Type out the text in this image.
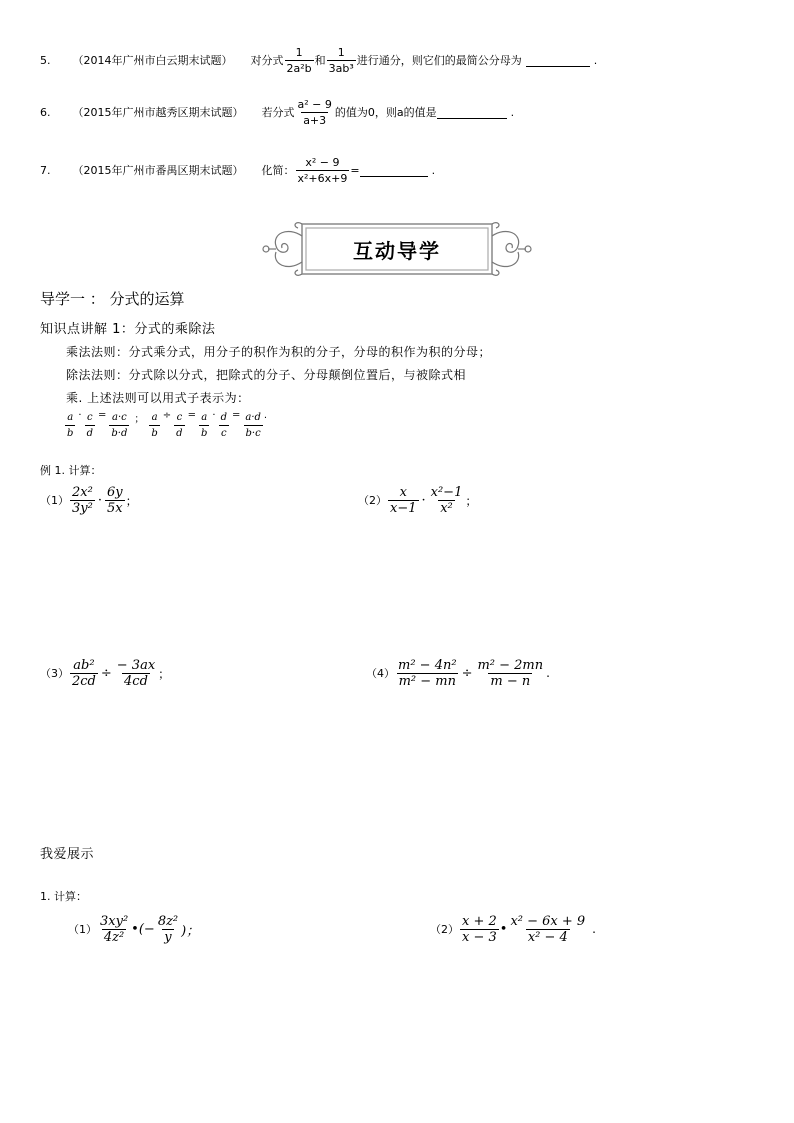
5. （2014年广州市白云期末试题） 对分式 $\frac{1}{\text{2a²b}}$ 和 $\frac{1}{\text{3ab³}}$ 进行通分，则它们的最简公分母为	.
6. （2015年广州市越秀区期末试题） 若分式 $\frac{\text{a² − 9}}{a+3}$ 的值为0，则a的值是	.
7. （2015年广州市番禺区期末试题） 化简： $\frac{\text{x² − 9}}{\text{x²+6x+9}}$ =	.
互动导学
导学一 ： 分式的运算
知识点讲解 1：分式的乘除法
乘法法则：分式乘分式，用分子的积作为积的分子，分母的积作为积的分母；
除法法则：分式除以分式，把除式的分子、分母颠倒位置后，与被除式相
乘. 上述法则可以用式子表示为：
$\frac{a}{b} \cdot \frac{c}{d} = \frac{a\cdot c}{b\cdot d}$ ； $\frac{a}{b} \div \frac{c}{d} = \frac{a}{b} \cdot \frac{d}{c} = \frac{a\cdot d}{b\cdot c}$ .
例 1. 计算：
$(1) \frac{\text{2x²}}{\text{3y²}} \cdot \frac{6y}{5x}$ ；	$(2) \frac{x}{x-1} \cdot \frac{\text{x²−1}}{\text{x²}}$ ；
$(3) \frac{\text{ab²}}{2cd} \div \frac{- 3ax}{4cd}$ ；	$(4) \frac{\text{m² − 4n²}}{\text{m² − mn}} \div \frac{\text{m² − 2mn}}{m - n}$ .
我爱展示
1. 计算：
$(1) \frac{\text{3xy²}}{\text{4z²}}$ •(− $\frac{\text{8z²}}{y}$ )；	$(2) \frac{x + 2}{x - 3}$ • $\frac{\text{x² − 6x + 9}}{\text{x² − 4}}$ .
